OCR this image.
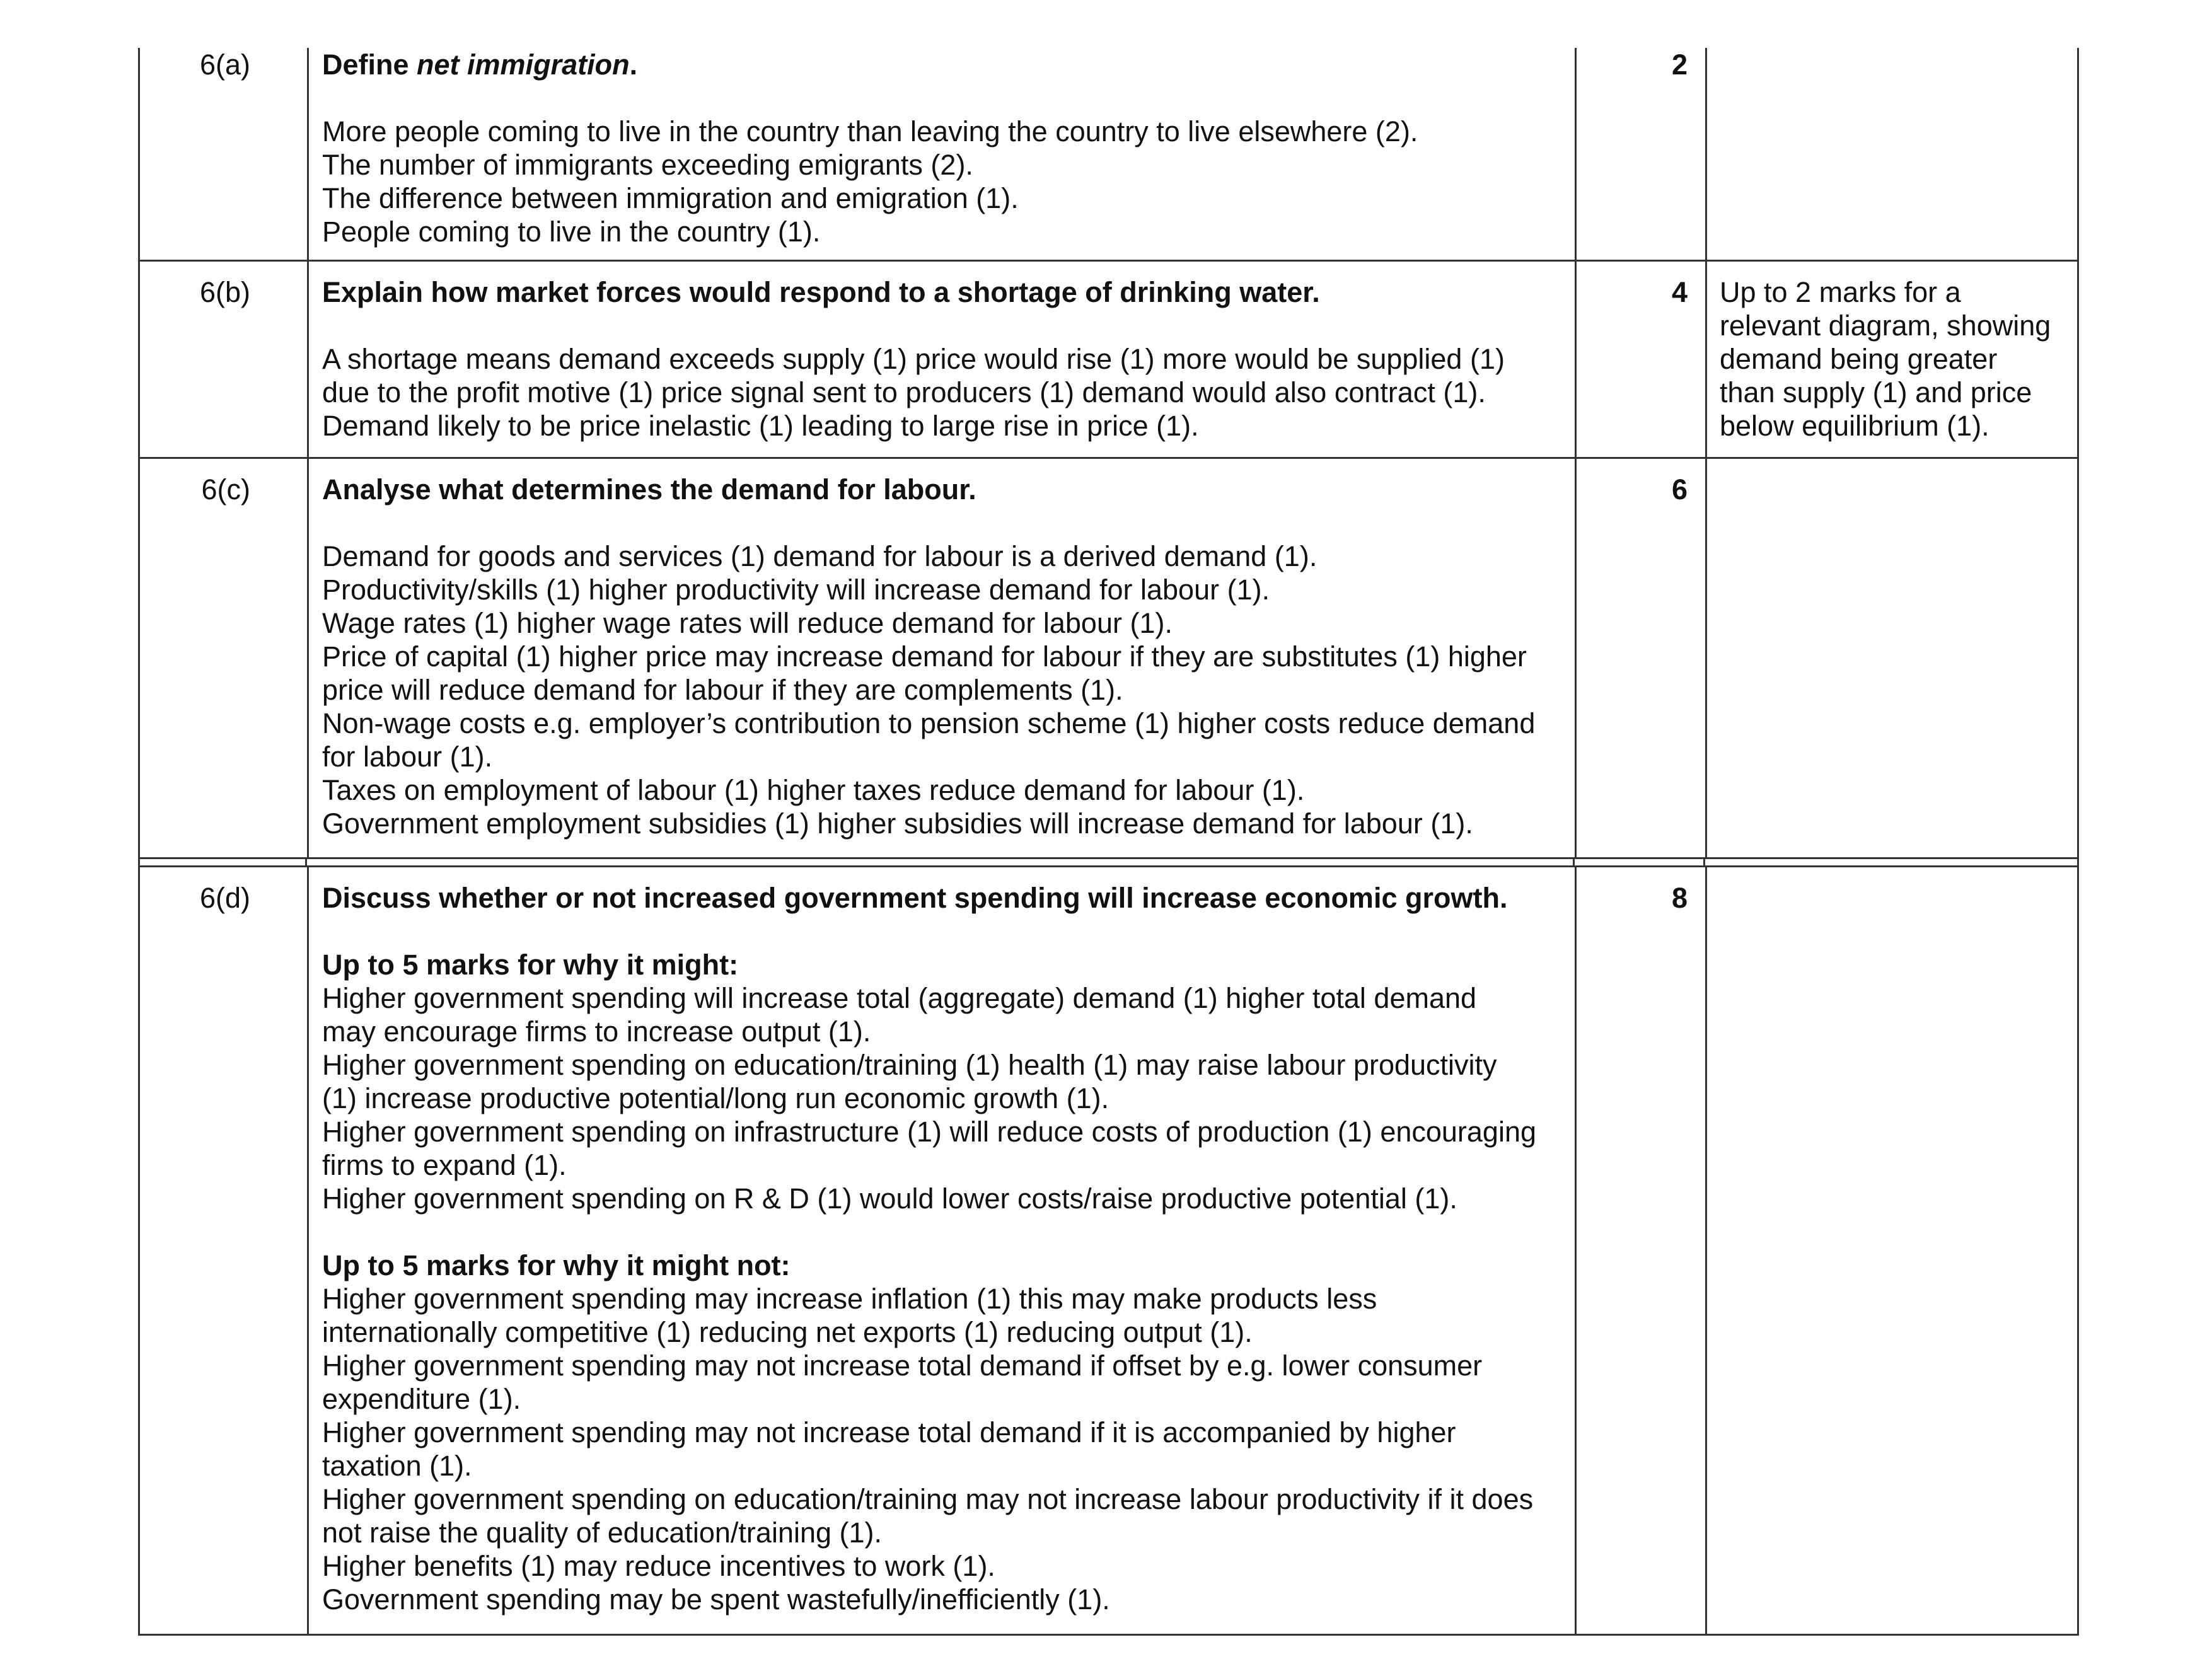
6(a)	Define net immigration.
More people coming to live in the country than leaving the country to live elsewhere (2).
The number of immigrants exceeding emigrants (2).
The difference between immigration and emigration (1).
People coming to live in the country (1).
2
6(b)	Explain how market forces would respond to a shortage of drinking water.
A shortage means demand exceeds supply (1) price would rise (1) more would be supplied (1)
due to the profit motive (1) price signal sent to producers (1) demand would also contract (1).
Demand likely to be price inelastic (1) leading to large rise in price (1).
4	Up to 2 marks for a
relevant diagram, showing
demand being greater
than supply (1) and price
below equilibrium (1).
6(c)	Analyse what determines the demand for labour.
Demand for goods and services (1) demand for labour is a derived demand (1).
Productivity/skills (1) higher productivity will increase demand for labour (1).
Wage rates (1) higher wage rates will reduce demand for labour (1).
Price of capital (1) higher price may increase demand for labour if they are substitutes (1) higher
price will reduce demand for labour if they are complements (1).
Non-wage costs e.g. employer’s contribution to pension scheme (1) higher costs reduce demand
for labour (1).
Taxes on employment of labour (1) higher taxes reduce demand for labour (1).
Government employment subsidies (1) higher subsidies will increase demand for labour (1).
6
6(d)	Discuss whether or not increased government spending will increase economic growth.
Up to 5 marks for why it might:
Higher government spending will increase total (aggregate) demand (1) higher total demand
may encourage firms to increase output (1).
Higher government spending on education/training (1) health (1) may raise labour productivity
(1) increase productive potential/long run economic growth (1).
Higher government spending on infrastructure (1) will reduce costs of production (1) encouraging
firms to expand (1).
Higher government spending on R & D (1) would lower costs/raise productive potential (1).
Up to 5 marks for why it might not:
Higher government spending may increase inflation (1) this may make products less
internationally competitive (1) reducing net exports (1) reducing output (1).
Higher government spending may not increase total demand if offset by e.g. lower consumer
expenditure (1).
Higher government spending may not increase total demand if it is accompanied by higher
taxation (1).
Higher government spending on education/training may not increase labour productivity if it does
not raise the quality of education/training (1).
Higher benefits (1) may reduce incentives to work (1).
Government spending may be spent wastefully/inefficiently (1).
8
